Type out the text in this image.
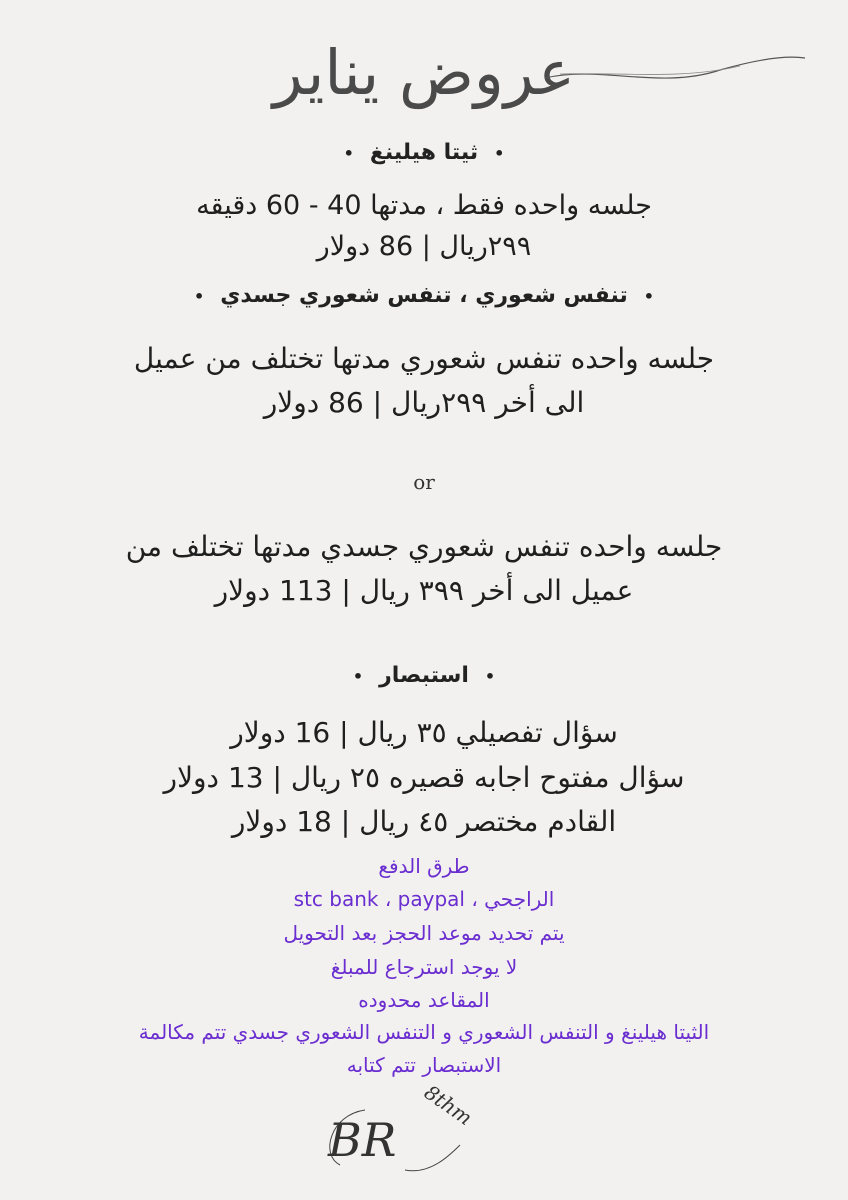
عروض يناير
•ثيتا هيلينغ•
جلسه واحده فقط ، مدتها 40 - 60 دقيقه
٢٩٩ريال | 86 دولار
•تنفس شعوري ، تنفس شعوري جسدي•
جلسه واحده تنفس شعوري مدتها تختلف من عميل
الى أخر ٢٩٩ريال | 86 دولار
or
جلسه واحده تنفس شعوري جسدي مدتها تختلف من
عميل الى أخر ٣٩٩ ريال | 113 دولار
•استبصار•
سؤال تفصيلي ٣٥ ريال | 16 دولار
سؤال مفتوح اجابه قصيره ٢٥ ريال | 13 دولار
القادم مختصر ٤٥ ريال | 18 دولار
طرق الدفع
الراجحي ، stc bank ، paypal
يتم تحديد موعد الحجز بعد التحويل
لا يوجد استرجاع للمبلغ
المقاعد محدوده
الثيتا هيلينغ و التنفس الشعوري و التنفس الشعوري جسدي تتم مكالمة
الاستبصار تتم كتابه
BR
8thm
